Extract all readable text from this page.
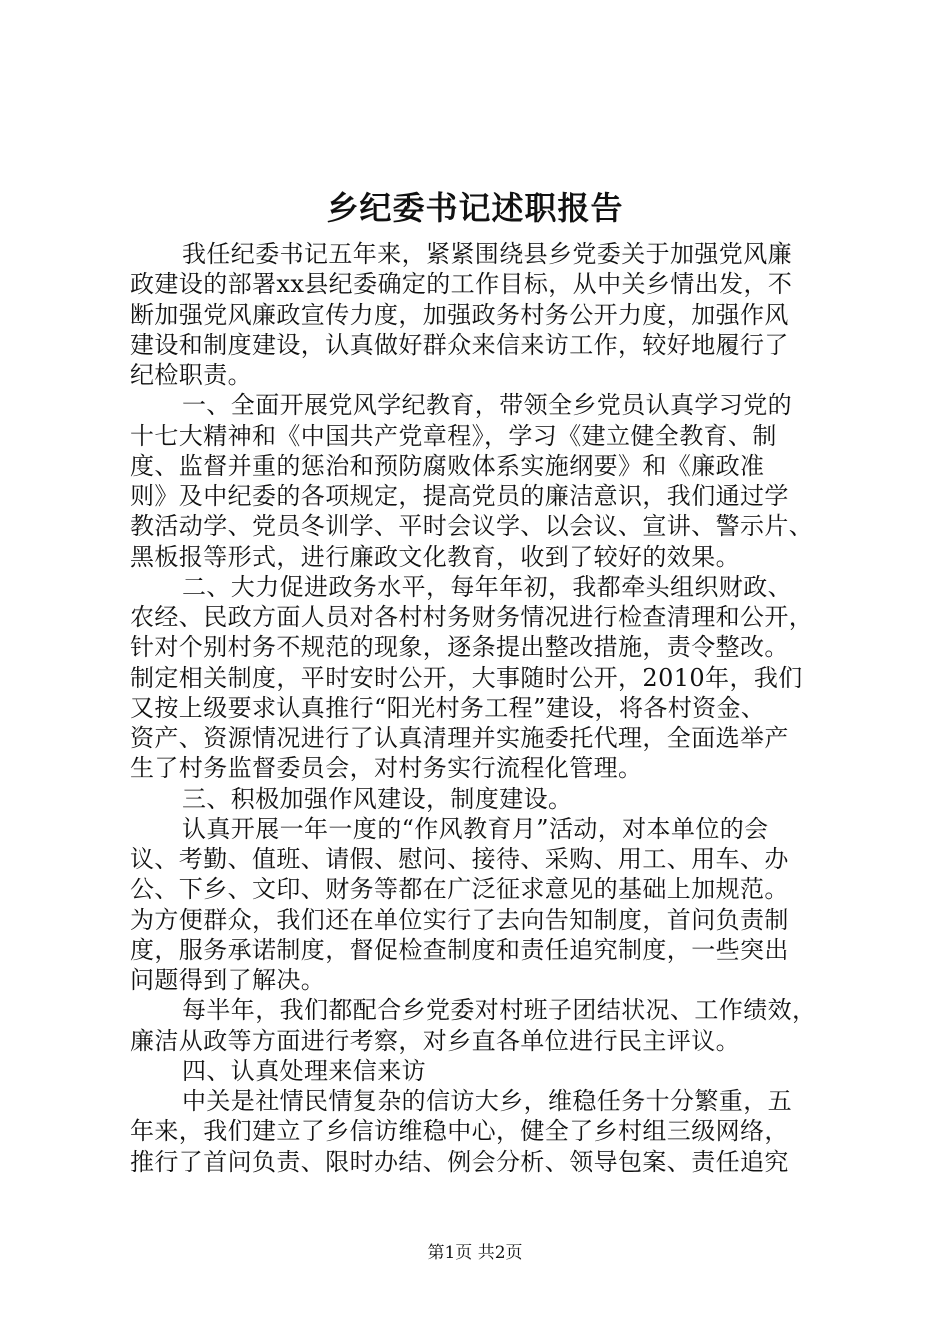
乡纪委书记述职报告
我任纪委书记五年来，紧紧围绕县乡党委关于加强党风廉
政建设的部署xx县纪委确定的工作目标，从中关乡情出发，不
断加强党风廉政宣传力度，加强政务村务公开力度，加强作风
建设和制度建设，认真做好群众来信来访工作，较好地履行了
纪检职责。
一、全面开展党风学纪教育，带领全乡党员认真学习党的
十七大精神和《中国共产党章程》，学习《建立健全教育、制
度、监督并重的惩治和预防腐败体系实施纲要》和《廉政准
则》及中纪委的各项规定，提高党员的廉洁意识，我们通过学
教活动学、党员冬训学、平时会议学、以会议、宣讲、警示片、
黑板报等形式，进行廉政文化教育，收到了较好的效果。
二、大力促进政务水平，每年年初，我都牵头组织财政、
农经、民政方面人员对各村村务财务情况进行检查清理和公开，
针对个别村务不规范的现象，逐条提出整改措施，责令整改。
制定相关制度，平时安时公开，大事随时公开，2010年，我们
又按上级要求认真推行“阳光村务工程”建设，将各村资金、
资产、资源情况进行了认真清理并实施委托代理，全面选举产
生了村务监督委员会，对村务实行流程化管理。
三、积极加强作风建设，制度建设。
认真开展一年一度的“作风教育月”活动，对本单位的会
议、考勤、值班、请假、慰问、接待、采购、用工、用车、办
公、下乡、文印、财务等都在广泛征求意见的基础上加规范。
为方便群众，我们还在单位实行了去向告知制度，首问负责制
度，服务承诺制度，督促检查制度和责任追究制度，一些突出
问题得到了解决。
每半年，我们都配合乡党委对村班子团结状况、工作绩效，
廉洁从政等方面进行考察，对乡直各单位进行民主评议。
四、认真处理来信来访
中关是社情民情复杂的信访大乡，维稳任务十分繁重，五
年来，我们建立了乡信访维稳中心，健全了乡村组三级网络，
推行了首问负责、限时办结、例会分析、领导包案、责任追究
第1页 共2页
